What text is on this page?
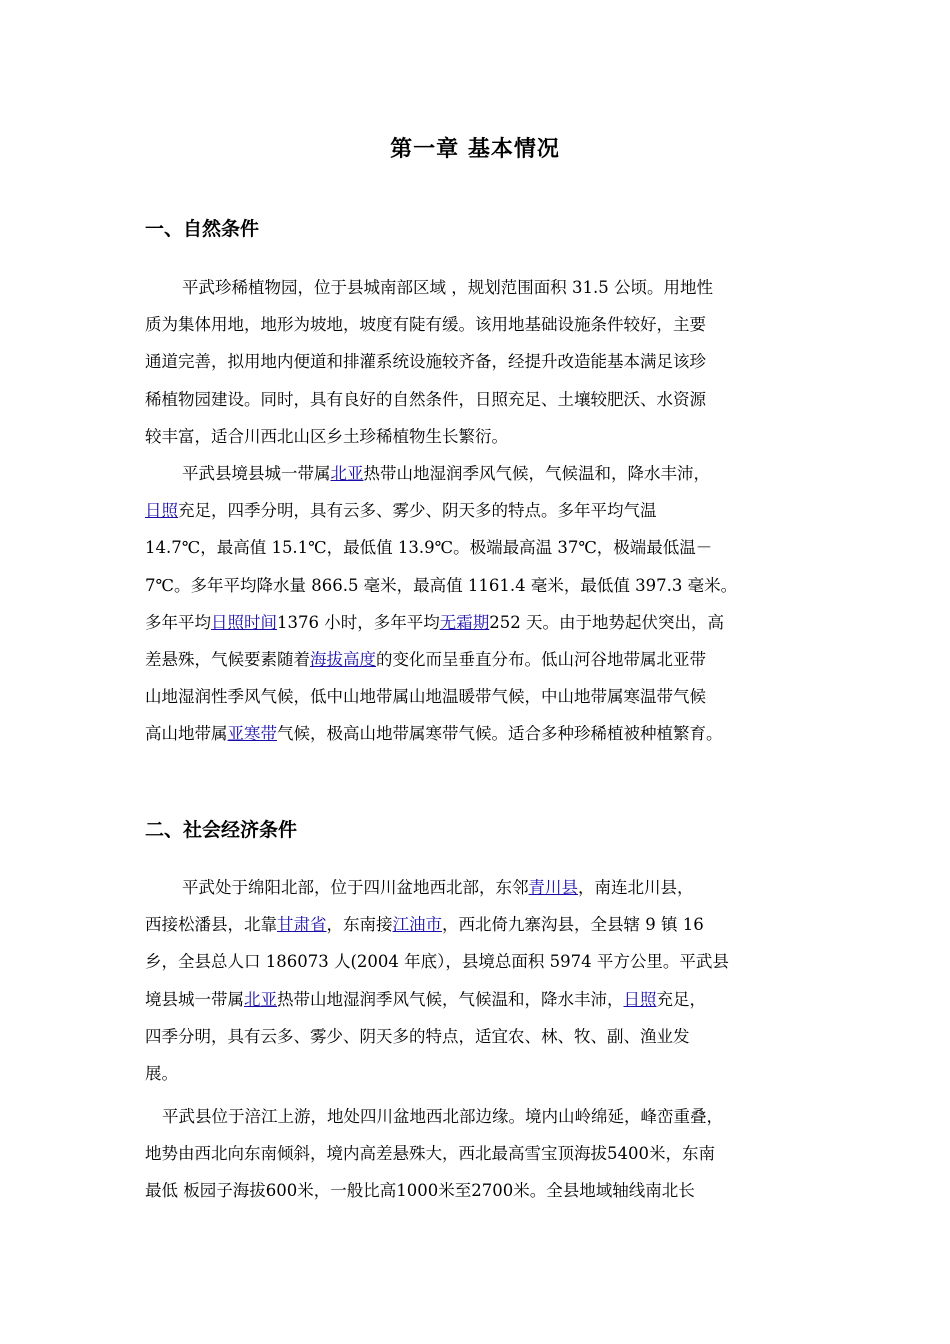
第一章 基本情况
一、自然条件
平武珍稀植物园，位于县城南部区域 ，规划范围面积 31.5 公顷。用地性
质为集体用地，地形为坡地，坡度有陡有缓。该用地基础设施条件较好，主要
通道完善，拟用地内便道和排灌系统设施较齐备，经提升改造能基本满足该珍
稀植物园建设。同时，具有良好的自然条件，日照充足、土壤较肥沃、水资源
较丰富，适合川西北山区乡土珍稀植物生长繁衍。
平武县境县城一带属北亚热带山地湿润季风气候，气候温和，降水丰沛，
日照充足，四季分明，具有云多、雾少、阴天多的特点。多年平均气温
14.7℃，最高值 15.1℃，最低值 13.9℃。极端最高温 37℃，极端最低温－
7℃。多年平均降水量 866.5 毫米，最高值 1161.4 毫米，最低值 397.3 毫米。
多年平均日照时间1376 小时，多年平均无霜期252 天。由于地势起伏突出，高
差悬殊，气候要素随着海拔高度的变化而呈垂直分布。低山河谷地带属北亚带
山地湿润性季风气候，低中山地带属山地温暖带气候，中山地带属寒温带气候
高山地带属亚寒带气候，极高山地带属寒带气候。适合多种珍稀植被种植繁育。
二、社会经济条件
平武处于绵阳北部，位于四川盆地西北部，东邻青川县，南连北川县，
西接松潘县，北靠甘肃省，东南接江油市，西北倚九寨沟县，全县辖 9 镇 16
乡，全县总人口 186073 人(2004 年底），县境总面积 5974 平方公里。平武县
境县城一带属北亚热带山地湿润季风气候，气候温和，降水丰沛，日照充足，
四季分明，具有云多、雾少、阴天多的特点，适宜农、林、牧、副、渔业发
展。
平武县位于涪江上游，地处四川盆地西北部边缘。境内山岭绵延，峰峦重叠，
地势由西北向东南倾斜，境内高差悬殊大，西北最高雪宝顶海拔5400米，东南
最低 板园子海拔600米，一般比高1000米至2700米。全县地域轴线南北长
